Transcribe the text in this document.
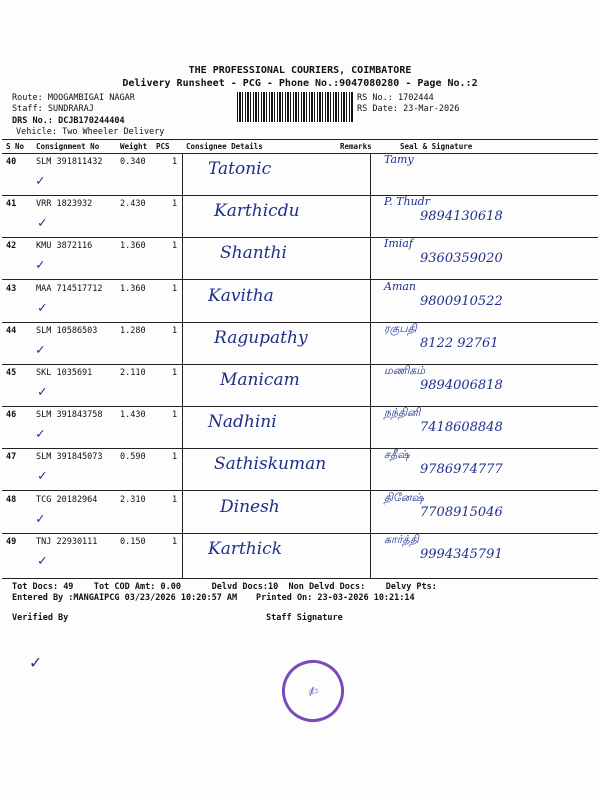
THE PROFESSIONAL COURIERS, COIMBATORE
Delivery Runsheet - PCG - Phone No.:9047080280 - Page No.:2
Route: MOOGAMBIGAI NAGAR
Staff: SUNDRARAJ
DRS No.: DCJB170244404
Vehicle: Two Wheeler Delivery
RS No.: 1702444
RS Date: 23-Mar-2026
S No Consignment No	Weight PCS Consignee Details	Remarks	Seal & Signature
40 SLM 391811432 0.340	1 Tatonic	Tamy
✓
41 VRR 1823932	2.430	1 Karthicdu	P. Thudr
9894130618
✓
42 KMU 3872116	1.360	1	Shanthi	Imiaf
9360359020
✓
43 MAA 714517712 1.360	1 Kavitha	Aman
9800910522
✓
44 SLM 10586503	1.280	1 Ragupathy	ரகுபதி
8122 92761
✓
45 SKL 1035691	2.110	1	Manicam	மணிகம்
9894006818
✓
46 SLM 391843758 1.430	1 Nadhini	நந்தினி
7418608848
✓
47 SLM 391845073 0.590	1 Sathiskuman	சதீஷ்
9786974777
✓
48 TCG 20182964	2.310	1	Dinesh	தினேஷ்
7708915046
✓
49 TNJ 22930111	0.150	1 Karthick	கார்த்தி
9994345791
✓
Tot Docs: 49 Tot COD Amt: 0.00	Delvd Docs:10 Non Delvd Docs: Delvy Pts:
Entered By :MANGAIPCG 03/23/2026 10:20:57 AM Printed On: 23-03-2026 10:21:14
Verified By	Staff Signature
✓
✍
